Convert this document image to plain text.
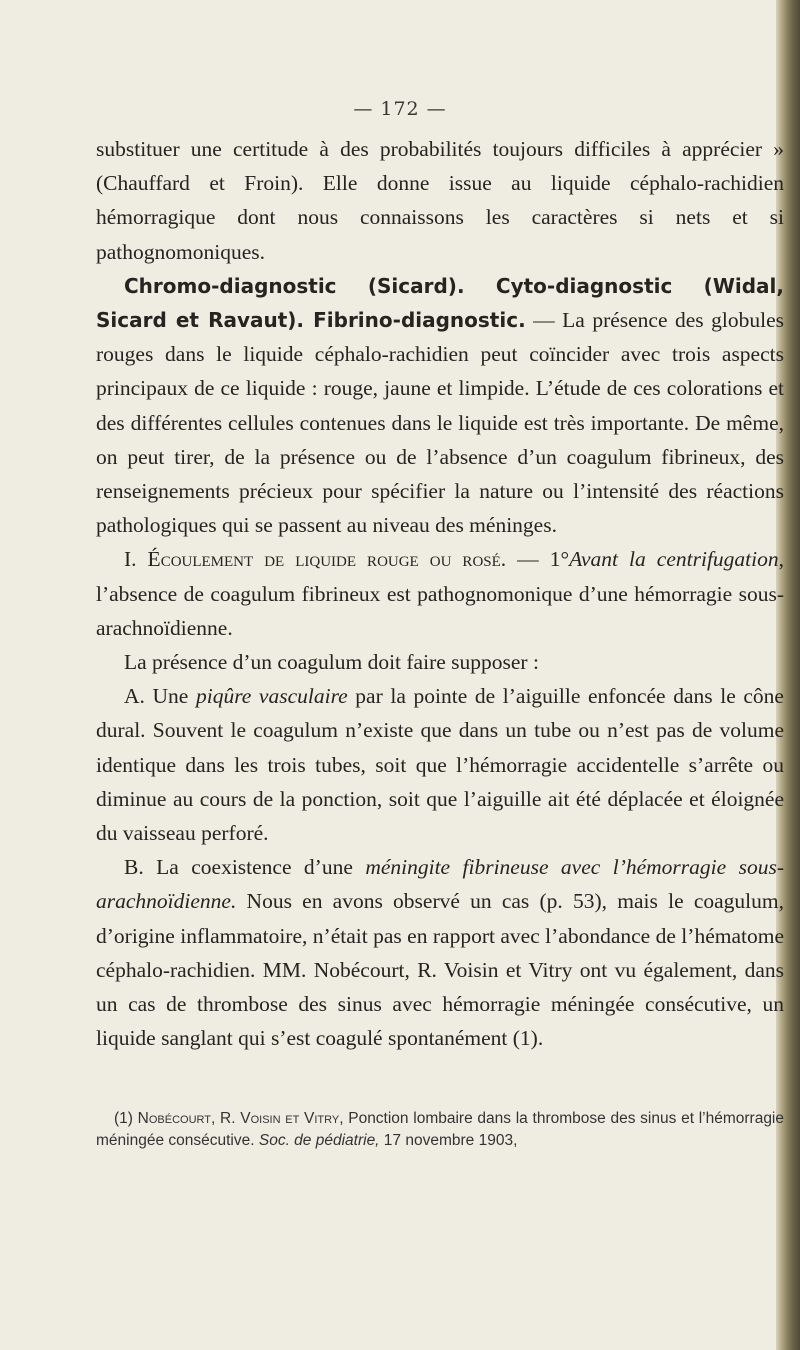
— 172 —

substituer une certitude à des probabilités toujours difficiles à apprécier » (Chauffard et Froin). Elle donne issue au liquide céphalo-rachidien hémorragique dont nous connaissons les caractères si nets et si pathognomoniques.

Chromo-diagnostic (Sicard). Cyto-diagnostic (Widal, Sicard et Ravaut). Fibrino-diagnostic. — La présence des globules rouges dans le liquide céphalo-rachidien peut coïncider avec trois aspects principaux de ce liquide : rouge, jaune et limpide. L’étude de ces colorations et des différentes cellules contenues dans le liquide est très importante. De même, on peut tirer, de la présence ou de l’absence d’un coagulum fibrineux, des renseignements précieux pour spécifier la nature ou l’intensité des réactions pathologiques qui se passent au niveau des méninges.

I. Écoulement de liquide rouge ou rosé. — 1°Avant la centrifugation, l’absence de coagulum fibrineux est pathognomonique d’une hémorragie sous-arachnoïdienne.

La présence d’un coagulum doit faire supposer :

A. Une piqûre vasculaire par la pointe de l’aiguille enfoncée dans le cône dural. Souvent le coagulum n’existe que dans un tube ou n’est pas de volume identique dans les trois tubes, soit que l’hémorragie accidentelle s’arrête ou diminue au cours de la ponction, soit que l’aiguille ait été déplacée et éloignée du vaisseau perforé.

B. La coexistence d’une méningite fibrineuse avec l’hémorragie sous-arachnoïdienne. Nous en avons observé un cas (p. 53), mais le coagulum, d’origine inflammatoire, n’était pas en rapport avec l’abondance de l’hématome céphalo-rachidien. MM. Nobécourt, R. Voisin et Vitry ont vu également, dans un cas de thrombose des sinus avec hémorragie méningée consécutive, un liquide sanglant qui s’est coagulé spontanément (1).

(1) Nobécourt, R. Voisin et Vitry, Ponction lombaire dans la thrombose des sinus et l’hémorragie méningée consécutive. Soc. de pédiatrie, 17 novembre 1903,
